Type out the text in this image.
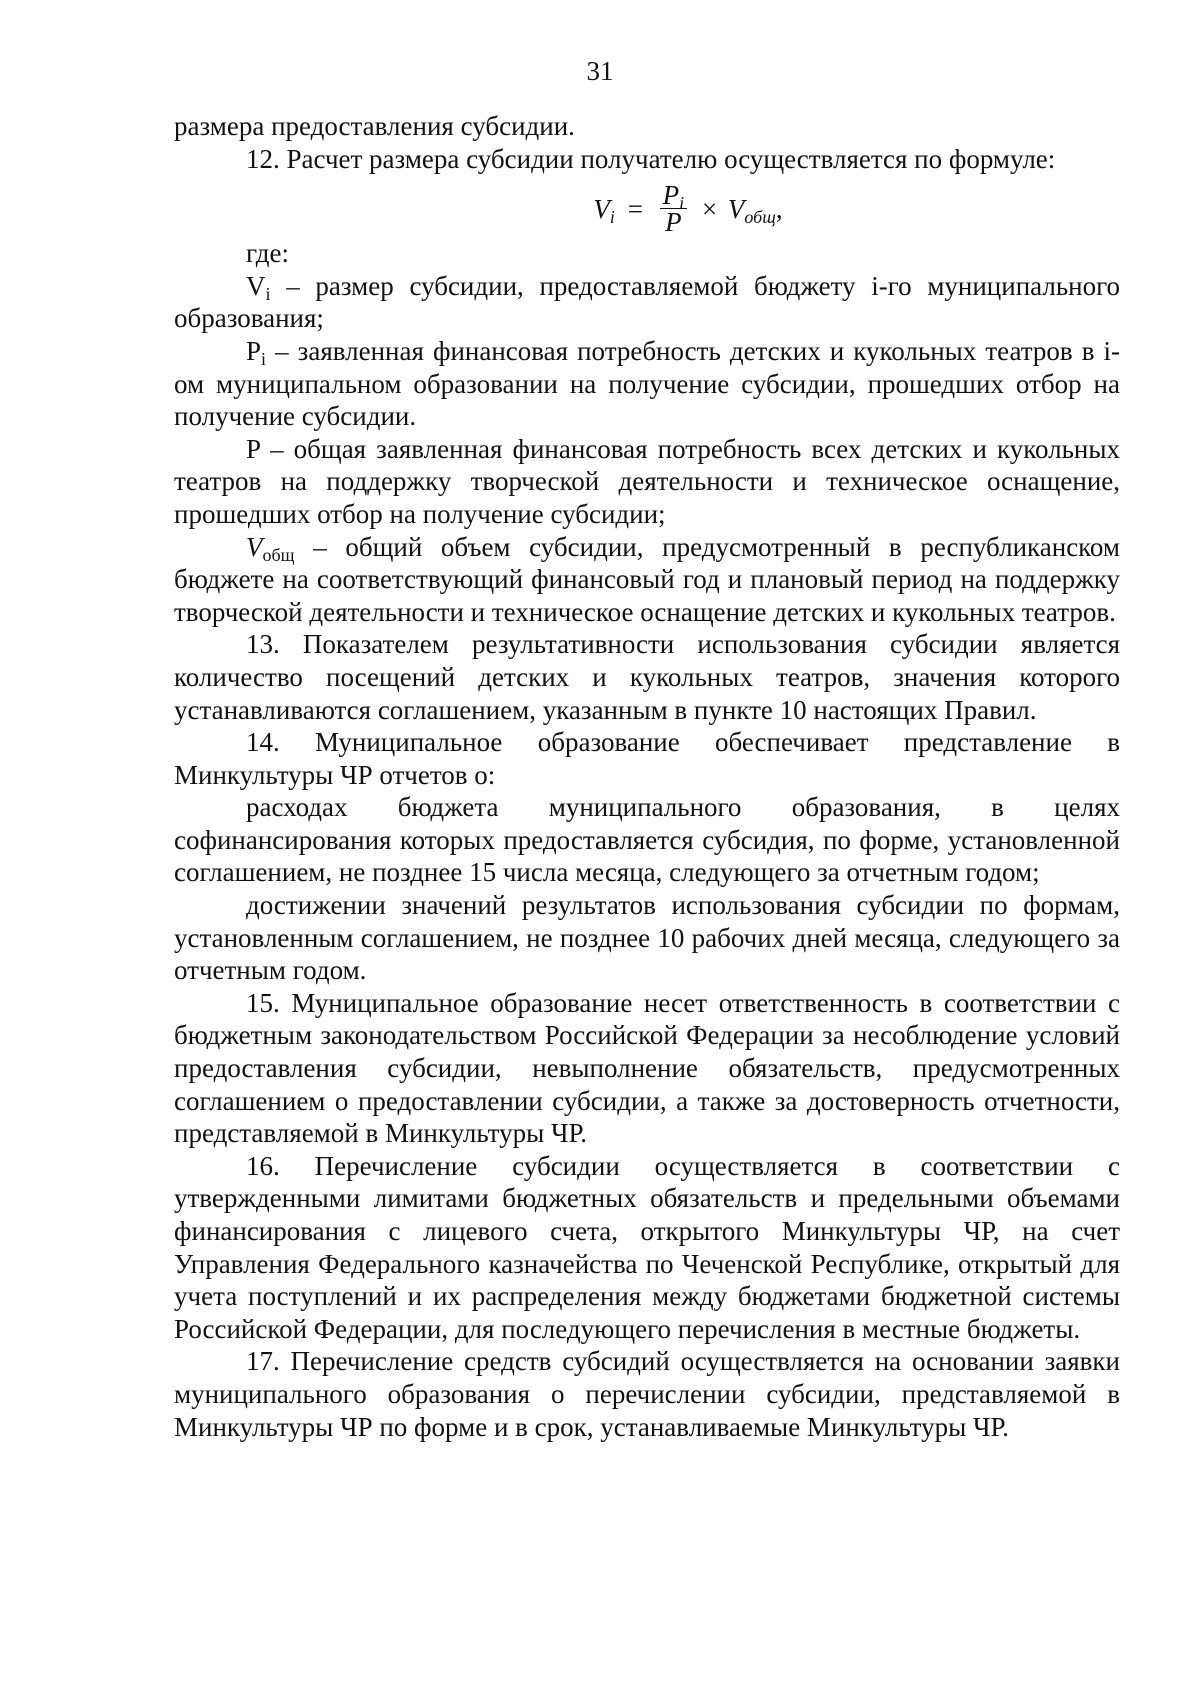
31

размера предоставления субсидии.

12. Расчет размера субсидии получателю осуществляется по формуле:

$V_i = \frac{P_i}{P} \times V_{общ}$,

где:

$V_i$ – размер субсидии, предоставляемой бюджету i-го муниципального образования;

$P_i$ – заявленная финансовая потребность детских и кукольных театров в i-ом муниципальном образовании на получение субсидии, прошедших отбор на получение субсидии.

P – общая заявленная финансовая потребность всех детских и кукольных театров на поддержку творческой деятельности и техническое оснащение, прошедших отбор на получение субсидии;

$V_{общ}$ – общий объем субсидии, предусмотренный в республиканском бюджете на соответствующий финансовый год и плановый период на поддержку творческой деятельности и техническое оснащение детских и кукольных театров.

13. Показателем результативности использования субсидии является количество посещений детских и кукольных театров, значения которого устанавливаются соглашением, указанным в пункте 10 настоящих Правил.

14. Муниципальное образование обеспечивает представление в Минкультуры ЧР отчетов о:

расходах бюджета муниципального образования, в целях софинансирования которых предоставляется субсидия, по форме, установленной соглашением, не позднее 15 числа месяца, следующего за отчетным годом;

достижении значений результатов использования субсидии по формам, установленным соглашением, не позднее 10 рабочих дней месяца, следующего за отчетным годом.

15. Муниципальное образование несет ответственность в соответствии с бюджетным законодательством Российской Федерации за несоблюдение условий предоставления субсидии, невыполнение обязательств, предусмотренных соглашением о предоставлении субсидии, а также за достоверность отчетности, представляемой в Минкультуры ЧР.

16. Перечисление субсидии осуществляется в соответствии с утвержденными лимитами бюджетных обязательств и предельными объемами финансирования с лицевого счета, открытого Минкультуры ЧР, на счет Управления Федерального казначейства по Чеченской Республике, открытый для учета поступлений и их распределения между бюджетами бюджетной системы Российской Федерации, для последующего перечисления в местные бюджеты.

17. Перечисление средств субсидий осуществляется на основании заявки муниципального образования о перечислении субсидии, представляемой в Минкультуры ЧР по форме и в срок, устанавливаемые Минкультуры ЧР.
